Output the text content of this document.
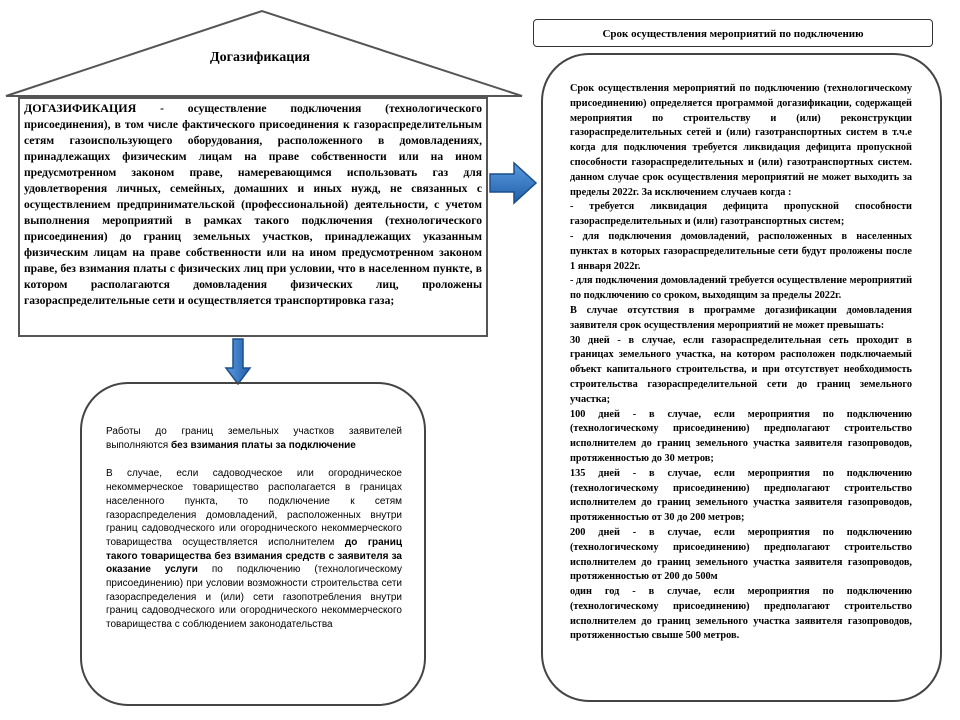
Догазификация

ДОГАЗИФИКАЦИЯ - осуществление подключения (технологического присоединения), в том числе фактического присоединения к газораспределительным сетям газоиспользующего оборудования, расположенного в домовладениях, принадлежащих физическим лицам на праве собственности или на ином предусмотренном законом праве, намеревающимся использовать газ для удовлетворения личных, семейных, домашних и иных нужд, не связанных с осуществлением предпринимательской (профессиональной) деятельности, с учетом выполнения мероприятий в рамках такого подключения (технологического присоединения) до границ земельных участков, принадлежащих указанным физическим лицам на праве собственности или на ином предусмотренном законом праве, без взимания платы с физических лиц при условии, что в населенном пункте, в котором располагаются домовладения физических лиц, проложены газораспределительные сети и осуществляется транспортировка газа;

Срок осуществления мероприятий по подключению

Срок осуществления мероприятий по подключению (технологическому присоединению) определяется программой догазификации, содержащей мероприятия по строительству и (или) реконструкции газораспределительных сетей и (или) газотранспортных систем в т.ч.е когда для подключения требуется ликвидация дефицита пропускной способности газораспределительных и (или) газотранспортных систем. данном случае срок осуществления мероприятий не может выходить за пределы 2022г. За исключением случаев когда :

- требуется ликвидация дефицита пропускной способности газораспределительных и (или) газотранспортных систем;

- для подключения домовладений, расположенных в населенных пунктах в которых газораспределительные сети будут проложены после 1 января 2022г.

- для подключения домовладений требуется осуществление мероприятий по подключению со сроком, выходящим за пределы 2022г.

В случае отсутствия в программе догазификации домовладения заявителя срок осуществления мероприятий не может превышать:

30 дней - в случае, если газораспределительная сеть проходит в границах земельного участка, на котором расположен подключаемый объект капитального строительства, и при отсутствует необходимость строительства газораспределительной сети до границ земельного участка;

100 дней - в случае, если мероприятия по подключению (технологическому присоединению) предполагают строительство исполнителем до границ земельного участка заявителя газопроводов, протяженностью до 30 метров;

135 дней - в случае, если мероприятия по подключению (технологическому присоединению) предполагают строительство исполнителем до границ земельного участка заявителя газопроводов, протяженностью от 30 до 200 метров;

200 дней - в случае, если мероприятия по подключению (технологическому присоединению) предполагают строительство исполнителем до границ земельного участка заявителя газопроводов, протяженностью от 200 до 500м

один год - в случае, если мероприятия по подключению (технологическому присоединению) предполагают строительство исполнителем до границ земельного участка заявителя газопроводов, протяженностью свыше 500 метров.

Работы до границ земельных участков заявителей выполняются без взимания платы за подключение

В случае, если садоводческое или огородническое некоммерческое товарищество располагается в границах населенного пункта, то подключение к сетям газораспределения домовладений, расположенных внутри границ садоводческого или огороднического некоммерческого товарищества осуществляется исполнителем до границ такого товарищества без взимания средств с заявителя за оказание услуги по подключению (технологическому присоединению) при условии возможности строительства сети газораспределения и (или) сети газопотребления внутри границ садоводческого или огороднического некоммерческого товарищества с соблюдением законодательства
